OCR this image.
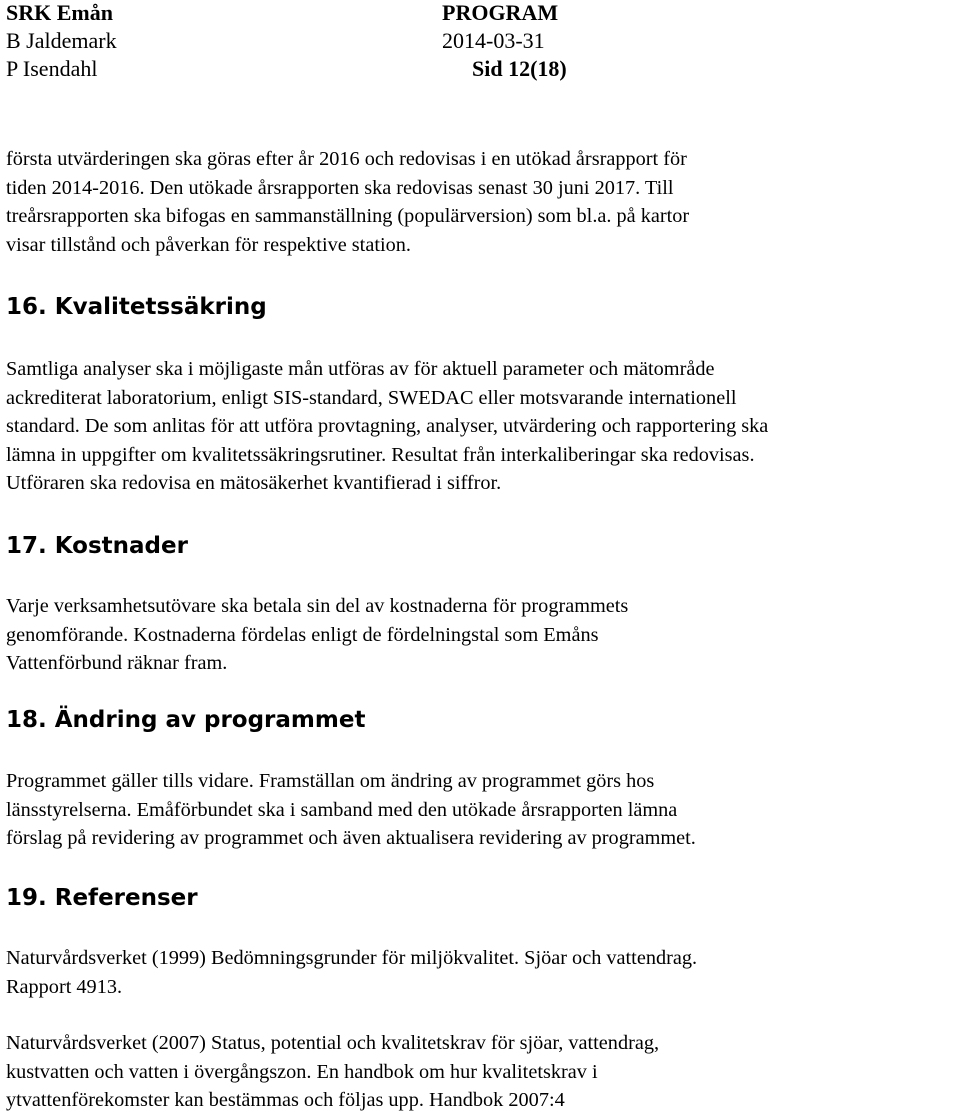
SRK Emån
B Jaldemark
P Isendahl
PROGRAM
2014-03-31
Sid 12(18)

första utvärderingen ska göras efter år 2016 och redovisas i en utökad årsrapport för
tiden 2014-2016. Den utökade årsrapporten ska redovisas senast 30 juni 2017. Till
treårsrapporten ska bifogas en sammanställning (populärversion) som bl.a. på kartor
visar tillstånd och påverkan för respektive station.

16. Kvalitetssäkring

Samtliga analyser ska i möjligaste mån utföras av för aktuell parameter och mätområde
ackrediterat laboratorium, enligt SIS-standard, SWEDAC eller motsvarande internationell
standard. De som anlitas för att utföra provtagning, analyser, utvärdering och rapportering ska
lämna in uppgifter om kvalitetssäkringsrutiner. Resultat från interkaliberingar ska redovisas.
Utföraren ska redovisa en mätosäkerhet kvantifierad i siffror.

17. Kostnader

Varje verksamhetsutövare ska betala sin del av kostnaderna för programmets
genomförande. Kostnaderna fördelas enligt de fördelningstal som Emåns
Vattenförbund räknar fram.

18. Ändring av programmet

Programmet gäller tills vidare. Framställan om ändring av programmet görs hos
länsstyrelserna. Emåförbundet ska i samband med den utökade årsrapporten lämna
förslag på revidering av programmet och även aktualisera revidering av programmet.

19. Referenser

Naturvårdsverket (1999) Bedömningsgrunder för miljökvalitet. Sjöar och vattendrag.
Rapport 4913.

Naturvårdsverket (2007) Status, potential och kvalitetskrav för sjöar, vattendrag,
kustvatten och vatten i övergångszon. En handbok om hur kvalitetskrav i
ytvattenförekomster kan bestämmas och följas upp. Handbok 2007:4
